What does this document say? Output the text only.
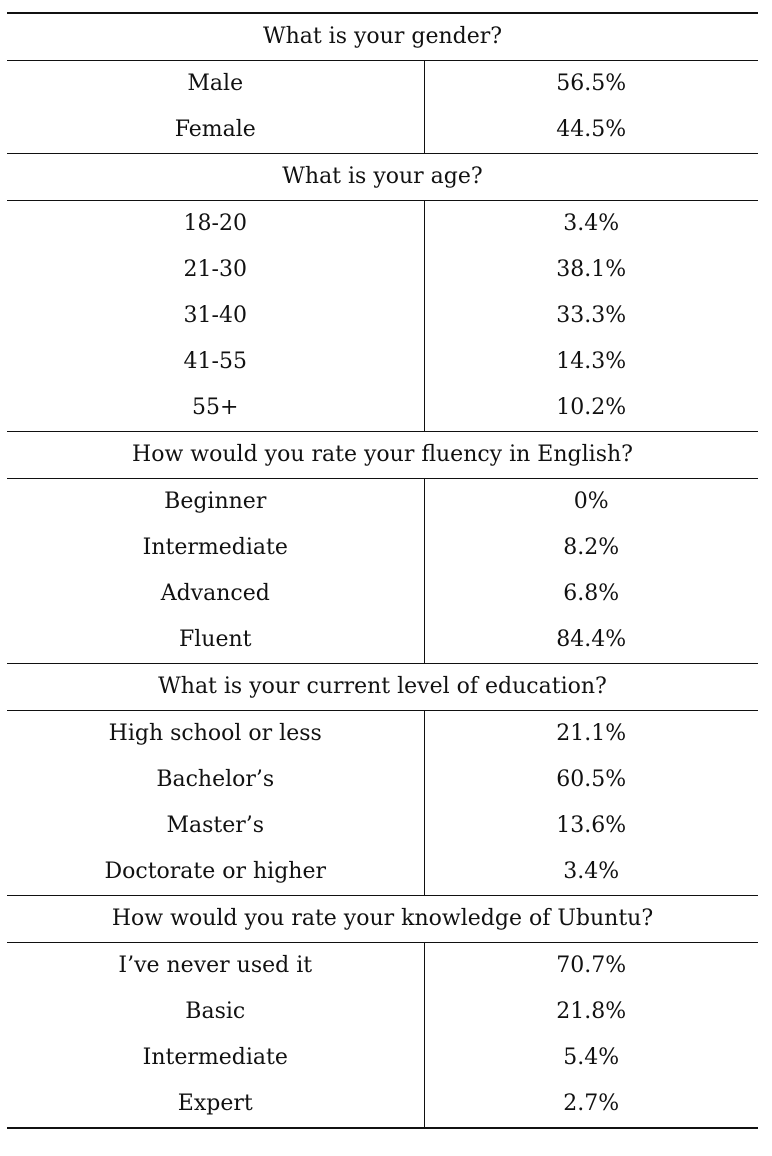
What is your gender?	
Male	56.5%
Female	44.5%
What is your age?	
18-20	3.4%
21-30	38.1%
31-40	33.3%
41-55	14.3%
55+	10.2%
How would you rate your fluency in English?	
Beginner	0%
Intermediate	8.2%
Advanced	6.8%
Fluent	84.4%
What is your current level of education?	
High school or less	21.1%
Bachelor’s	60.5%
Master’s	13.6%
Doctorate or higher	3.4%
How would you rate your knowledge of Ubuntu?	
I’ve never used it	70.7%
Basic	21.8%
Intermediate	5.4%
Expert	2.7%
